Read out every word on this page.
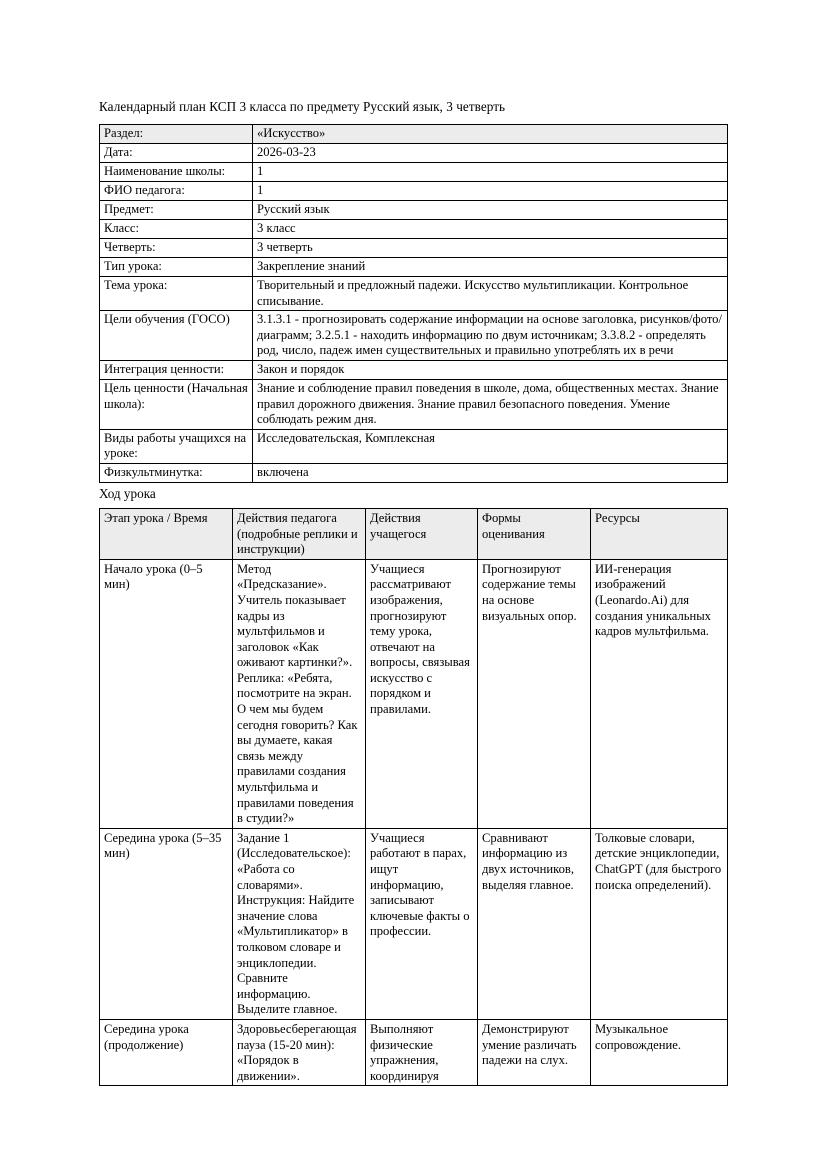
Календарный план КСП 3 класса по предмету Русский язык, 3 четверть
Раздел:	«Искусство»
Дата:	2026-03-23
Наименование школы:	1
ФИО педагога:	1
Предмет:	Русский язык
Класс:	3 класс
Четверть:	3 четверть
Тип урока:	Закрепление знаний
Тема урока:	Творительный и предложный падежи. Искусство мультипликации. Контрольное списывание.
Цели обучения (ГОСО)	3.1.3.1 - прогнозировать содержание информации на основе заголовка, рисунков/фото/диаграмм; 3.2.5.1 - находить информацию по двум источникам; 3.3.8.2 - определять род, число, падеж имен существительных и правильно употреблять их в речи
Интеграция ценности:	Закон и порядок
Цель ценности (Начальная школа):	Знание и соблюдение правил поведения в школе, дома, общественных местах. Знание правил дорожного движения. Знание правил безопасного поведения. Умение соблюдать режим дня.
Виды работы учащихся на уроке:	Исследовательская, Комплексная
Физкультминутка:	включена
Ход урока
Этап урока / Время	Действия педагога (подробные реплики и инструкции)	Действия учащегося	Формы оценивания	Ресурсы
Начало урока (0–5 мин)	Метод «Предсказание». Учитель показывает кадры из мультфильмов и заголовок «Как оживают картинки?». Реплика: «Ребята, посмотрите на экран. О чем мы будем сегодня говорить? Как вы думаете, какая связь между правилами создания мультфильма и правилами поведения в студии?»	Учащиеся рассматривают изображения, прогнозируют тему урока, отвечают на вопросы, связывая искусство с порядком и правилами.	Прогнозируют содержание темы на основе визуальных опор.	ИИ-генерация изображений (Leonardo.Ai) для создания уникальных кадров мультфильма.
Середина урока (5–35 мин)	Задание 1 (Исследовательское): «Работа со словарями». Инструкция: Найдите значение слова «Мультипликатор» в толковом словаре и энциклопедии. Сравните информацию. Выделите главное.	Учащиеся работают в парах, ищут информацию, записывают ключевые факты о профессии.	Сравнивают информацию из двух источников, выделяя главное.	Толковые словари, детские энциклопедии, ChatGPT (для быстрого поиска определений).
Середина урока (продолжение)	Здоровьесберегающая пауза (15-20 мин): «Порядок в движении».	Выполняют физические упражнения, координируя	Демонстрируют умение различать падежи на слух.	Музыкальное сопровождение.
